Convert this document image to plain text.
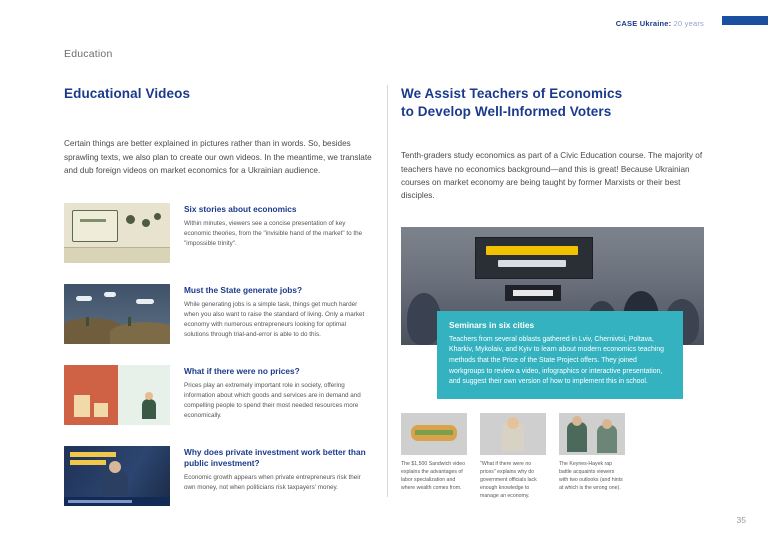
CASE Ukraine: 20 years
Education
Educational Videos

Certain things are better explained in pictures rather than in words. So, besides sprawling texts, we also plan to create our own videos. In the meantime, we translate and dub foreign videos on market economics for a Ukrainian audience.

Six stories about economics

Within minutes, viewers see a concise presentation of key economic theories, from the "invisible hand of the market" to the "impossible trinity".

Must the State generate jobs?

While generating jobs is a simple task, things get much harder when you also want to raise the standard of living. Only a market economy with numerous entrepreneurs looking for optimal solutions through trial-and-error is able to do this.

What if there were no prices?

Prices play an extremely important role in society, offering information about which goods and services are in demand and compelling people to spend their most needed resources more economically.

Why does private investment work better than public investment?

Economic growth appears when private entrepreneurs risk their own money, not when politicians risk taxpayers' money.

We Assist Teachers of Economics
to Develop Well-Informed Voters

Tenth-graders study economics as part of a Civic Education course. The majority of teachers have no economics background—and this is great! Because Ukrainian courses on market economy are being taught by former Marxists or their best disciples.

Seminars in six cities

Teachers from several oblasts gathered in Lviv, Chernivtsi, Poltava, Kharkiv, Mykolaiv, and Kyiv to learn about modern economics teaching methods that the Price of the State Project offers. They joined workgroups to review a video, infographics or interactive presentation, and suggest their own version of how to implement this in school.

The $1,500 Sandwich video explains the advantages of labor specialization and where wealth comes from.

"What if there were no prices" explains why do government officials lack enough knowledge to manage an economy.

The Keynes-Hayek rap battle acquaints viewers with two outlooks (and hints at which is the wrong one).

35
